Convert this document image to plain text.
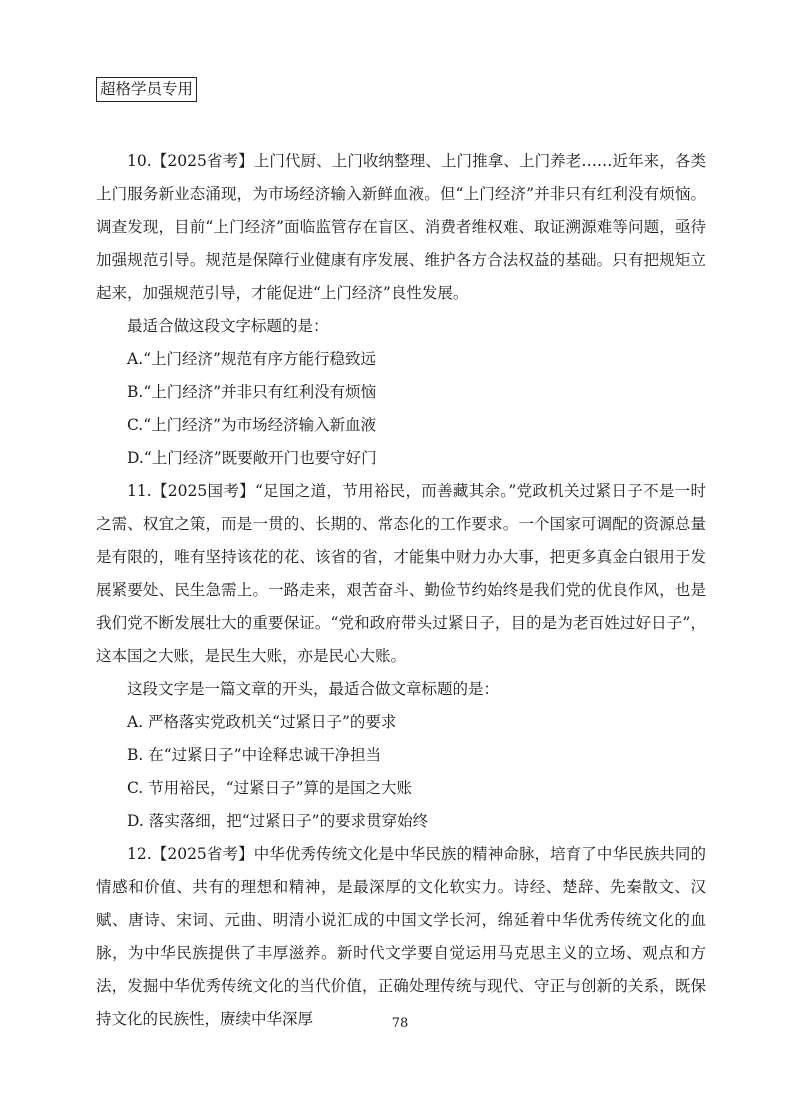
超格学员专用

10.【2025省考】上门代厨、上门收纳整理、上门推拿、上门养老……近年来，各类上门服务新业态涌现，为市场经济输入新鲜血液。但“上门经济”并非只有红利没有烦恼。调查发现，目前“上门经济”面临监管存在盲区、消费者维权难、取证溯源难等问题，亟待加强规范引导。规范是保障行业健康有序发展、维护各方合法权益的基础。只有把规矩立起来，加强规范引导，才能促进“上门经济”良性发展。

最适合做这段文字标题的是：

A.“上门经济”规范有序方能行稳致远

B.“上门经济”并非只有红利没有烦恼

C.“上门经济”为市场经济输入新血液

D.“上门经济”既要敞开门也要守好门

11.【2025国考】“足国之道，节用裕民，而善藏其余。”党政机关过紧日子不是一时之需、权宜之策，而是一贯的、长期的、常态化的工作要求。一个国家可调配的资源总量是有限的，唯有坚持该花的花、该省的省，才能集中财力办大事，把更多真金白银用于发展紧要处、民生急需上。一路走来，艰苦奋斗、勤俭节约始终是我们党的优良作风，也是我们党不断发展壮大的重要保证。“党和政府带头过紧日子，目的是为老百姓过好日子”，这本国之大账，是民生大账，亦是民心大账。

这段文字是一篇文章的开头，最适合做文章标题的是：

A. 严格落实党政机关“过紧日子”的要求

B. 在“过紧日子”中诠释忠诚干净担当

C. 节用裕民，“过紧日子”算的是国之大账

D. 落实落细，把“过紧日子”的要求贯穿始终

12.【2025省考】中华优秀传统文化是中华民族的精神命脉，培育了中华民族共同的情感和价值、共有的理想和精神，是最深厚的文化软实力。诗经、楚辞、先秦散文、汉赋、唐诗、宋词、元曲、明清小说汇成的中国文学长河，绵延着中华优秀传统文化的血脉，为中华民族提供了丰厚滋养。新时代文学要自觉运用马克思主义的立场、观点和方法，发掘中华优秀传统文化的当代价值，正确处理传统与现代、守正与创新的关系，既保持文化的民族性，赓续中华深厚	78
